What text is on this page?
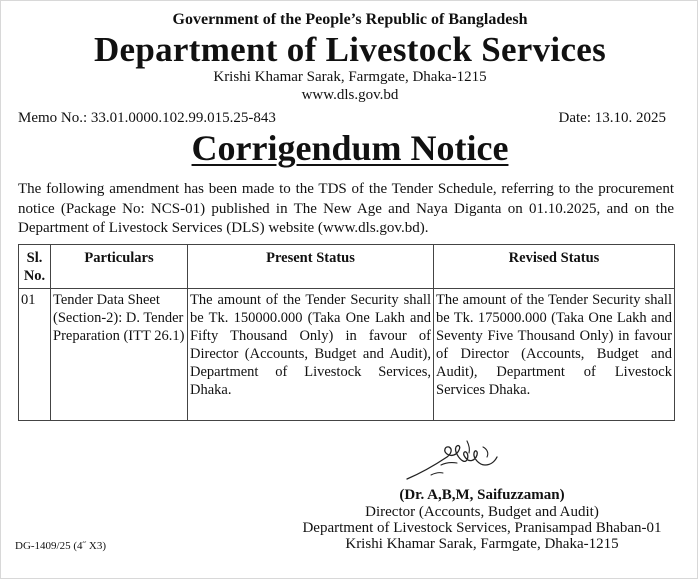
Government of the People’s Republic of Bangladesh
Department of Livestock Services
Krishi Khamar Sarak, Farmgate, Dhaka-1215
www.dls.gov.bd
Memo No.: 33.01.0000.102.99.015.25-843	Date: 13.10. 2025
Corrigendum Notice
The following amendment has been made to the TDS of the Tender Schedule, referring to the procurement notice (Package No: NCS-01) published in The New Age and Naya Diganta on 01.10.2025, and on the Department of Livestock Services (DLS) website (www.dls.gov.bd).
Sl. No.	Particulars	Present Status	Revised Status
01	Tender Data Sheet (Section-2): D. Tender Preparation (ITT 26.1)	The amount of the Tender Security shall be Tk. 150000.000 (Taka One Lakh and Fifty Thousand Only) in favour of Director (Accounts, Budget and Audit), Department of Livestock Services, Dhaka.	The amount of the Tender Security shall be Tk. 175000.000 (Taka One Lakh and Seventy Five Thousand Only) in favour of Director (Accounts, Budget and Audit), Department of Livestock Services Dhaka.
(Dr. A,B,M, Saifuzzaman)
Director (Accounts, Budget and Audit)
Department of Livestock Services, Pranisampad Bhaban-01
Krishi Khamar Sarak, Farmgate, Dhaka-1215
DG-1409/25 (4˝ X3)
